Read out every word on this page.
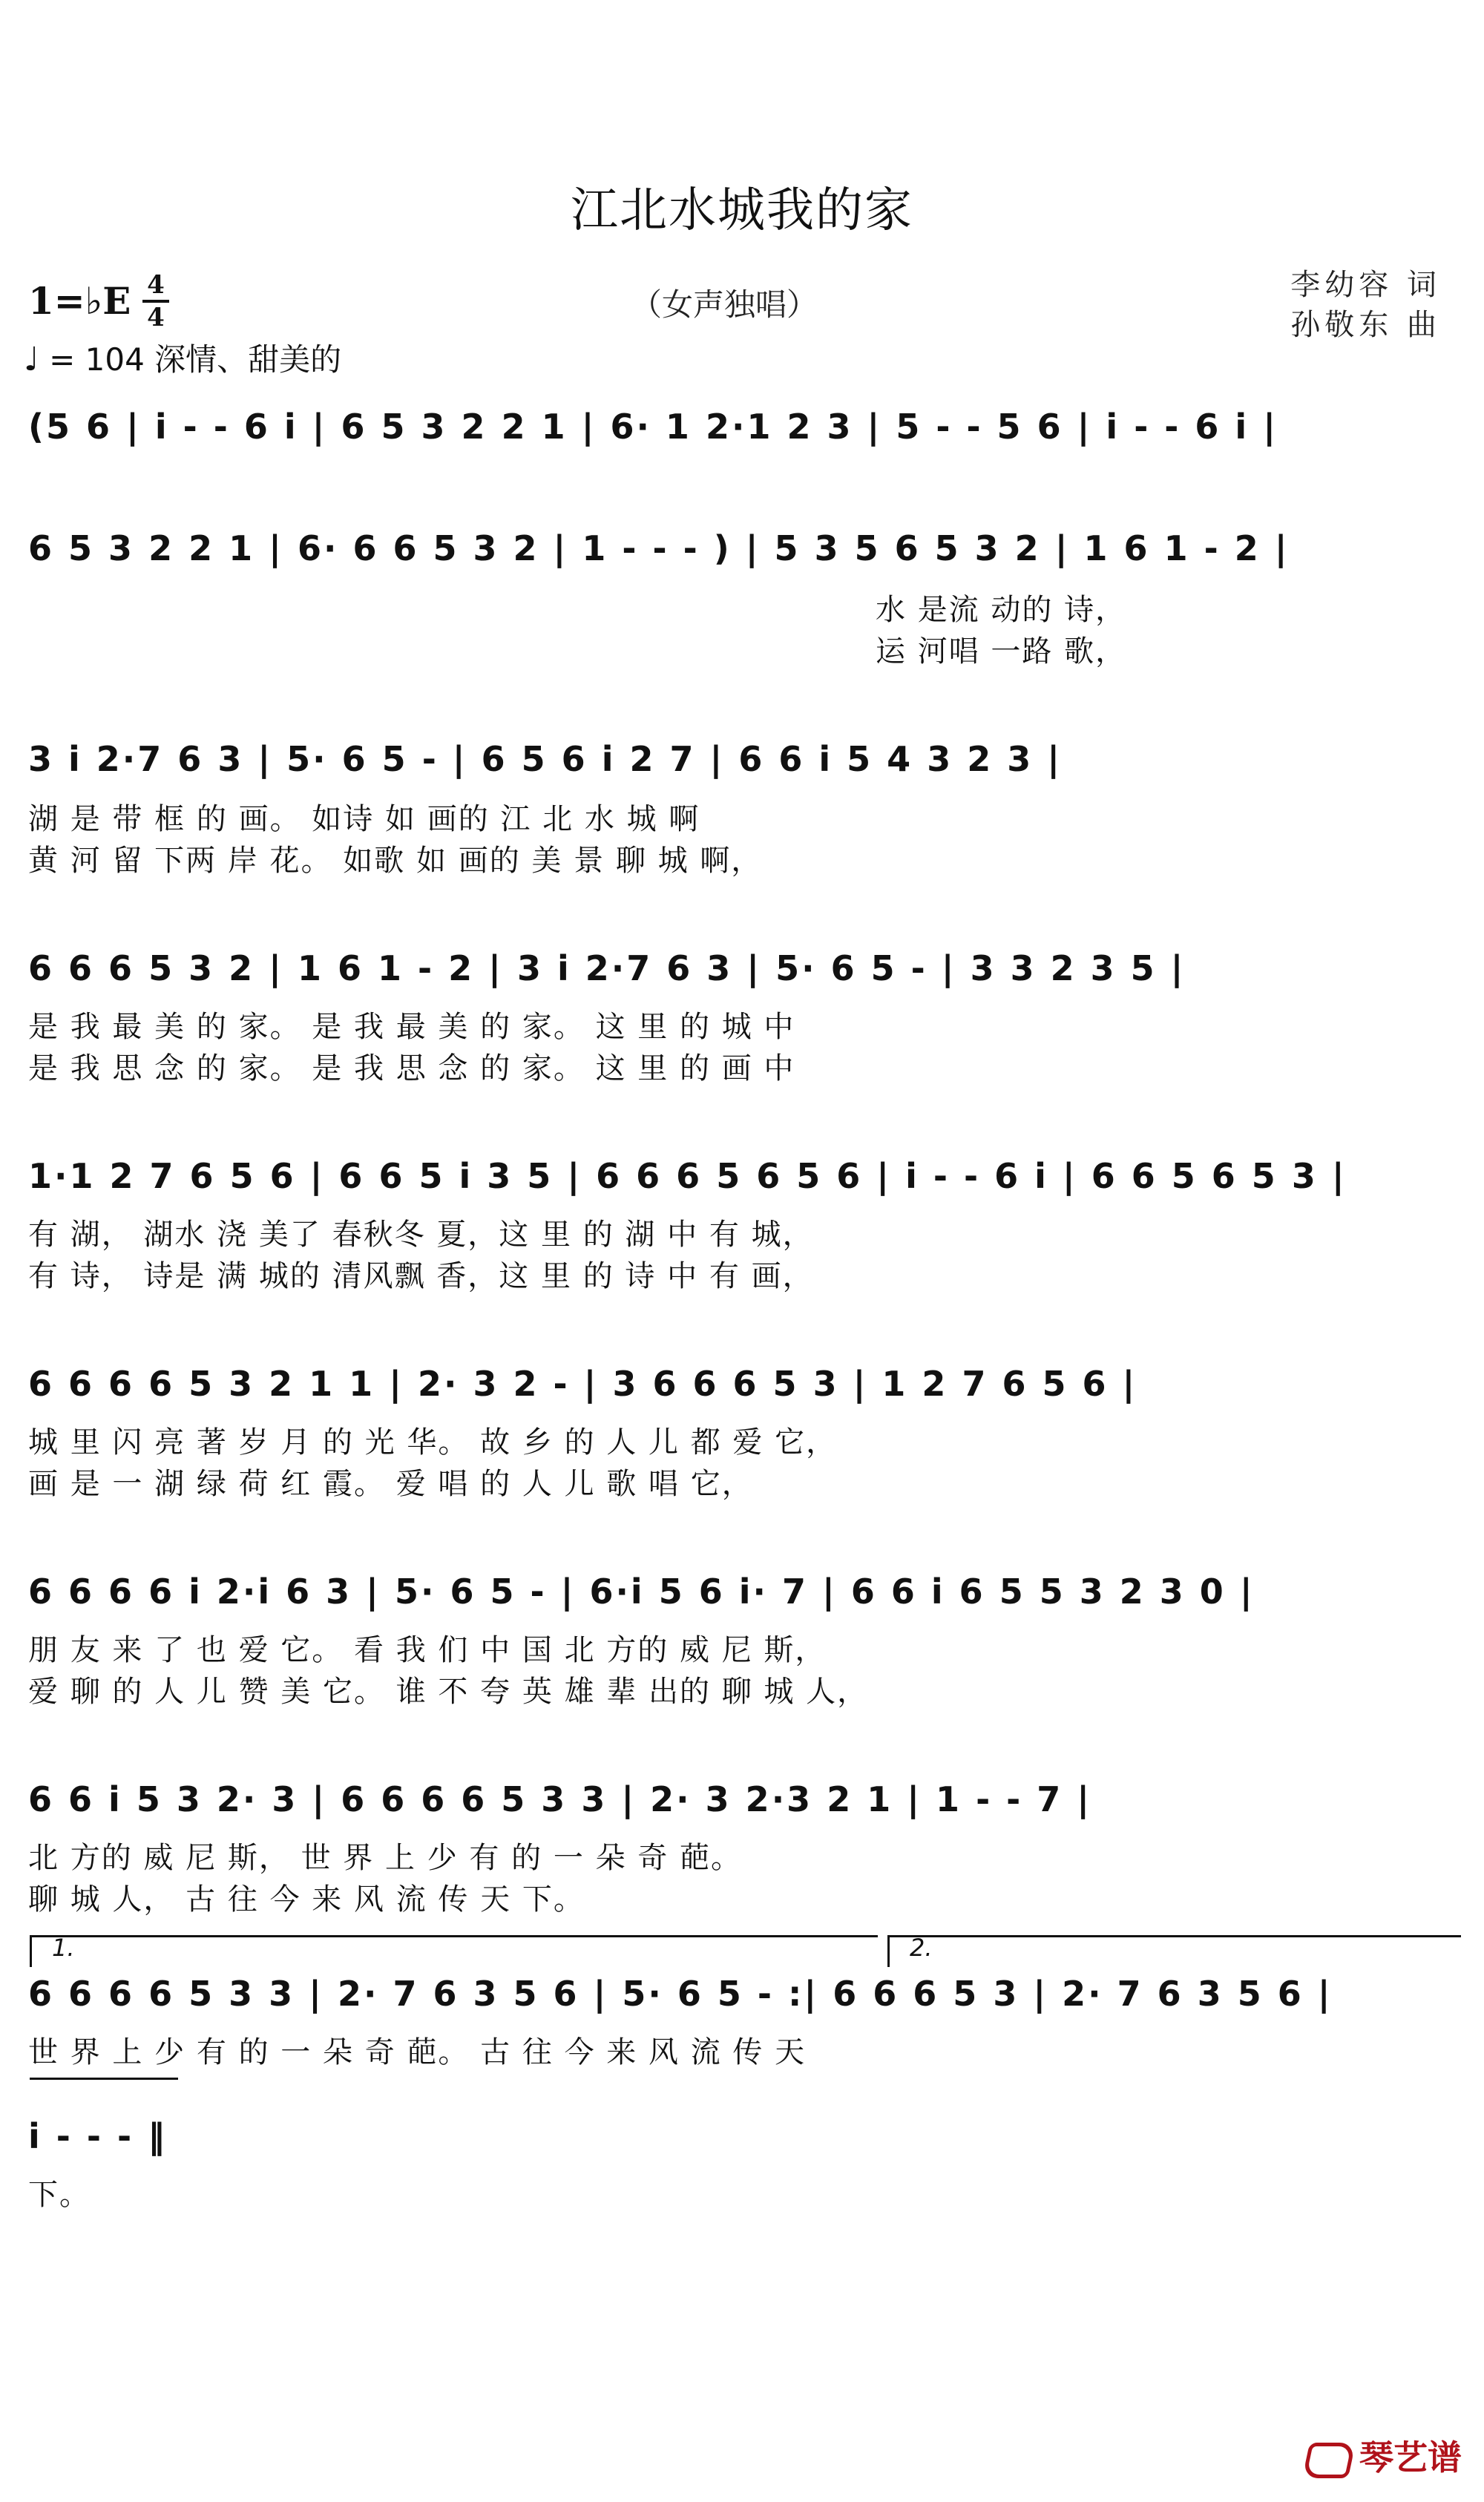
江北水城我的家
1=♭E 4
4	（女声独唱）
李幼容 词
孙敬东 曲
♩ = 104 深情、甜美的
(5 6 | i - - 6 i | 6 5 3 2 2 1 | 6· 1 2·1 2 3 | 5 - - 5 6 | i - - 6 i |
6 5 3 2 2 1 | 6· 6 6 5 3 2 | 1 - - - ) | 5 3 5 6 5 3 2 | 1 6 1 - 2 |
水 是流 动的 诗，
运 河唱 一路 歌，
3 i 2·7 6 3 | 5· 6 5 - | 6 5 6 i 2 7 | 6 6 i 5 4 3 2 3 |
湖 是 带 框 的 画。 如诗 如 画的 江 北 水 城 啊
黄 河 留 下两 岸 花。 如歌 如 画的 美 景 聊 城 啊，
6 6 6 5 3 2 | 1 6 1 - 2 | 3 i 2·7 6 3 | 5· 6 5 - | 3 3 2 3 5 |
是 我 最 美 的 家。 是 我 最 美 的 家。 这 里 的 城 中
是 我 思 念 的 家。 是 我 思 念 的 家。 这 里 的 画 中
1·1 2 7 6 5 6 | 6 6 5 i 3 5 | 6 6 6 5 6 5 6 | i - - 6 i | 6 6 5 6 5 3 |
有 湖， 湖水 浇 美了 春秋冬 夏，这 里 的 湖 中 有 城，
有 诗， 诗是 满 城的 清风飘 香，这 里 的 诗 中 有 画，
6 6 6 6 5 3 2 1 1 | 2· 3 2 - | 3 6 6 6 5 3 | 1 2 7 6 5 6 |
城 里 闪 亮 著 岁 月 的 光 华。 故 乡 的 人 儿 都 爱 它，
画 是 一 湖 绿 荷 红 霞。 爱 唱 的 人 儿 歌 唱 它，
6 6 6 6 i 2·i 6 3 | 5· 6 5 - | 6·i 5 6 i· 7 | 6 6 i 6 5 5 3 2 3 0 |
朋 友 来 了 也 爱 它。 看 我 们 中 国 北 方的 威 尼 斯，
爱 聊 的 人 儿 赞 美 它。 谁 不 夸 英 雄 辈 出的 聊 城 人，
6 6 i 5 3 2· 3 | 6 6 6 6 5 3 3 | 2· 3 2·3 2 1 | 1 - - 7 |
北 方的 威 尼 斯， 世 界 上 少 有 的 一 朵 奇 葩。
聊 城 人， 古 往 今 来 风 流 传 天 下。
1.	2.
6 6 6 6 5 3 3 | 2· 7 6 3 5 6 | 5· 6 5 - :| 6 6 6 5 3 | 2· 7 6 3 5 6 |
世 界 上 少 有 的 一 朵 奇 葩。 古 往 今 来 风 流 传 天
i - - - ‖
下。
琴艺谱
